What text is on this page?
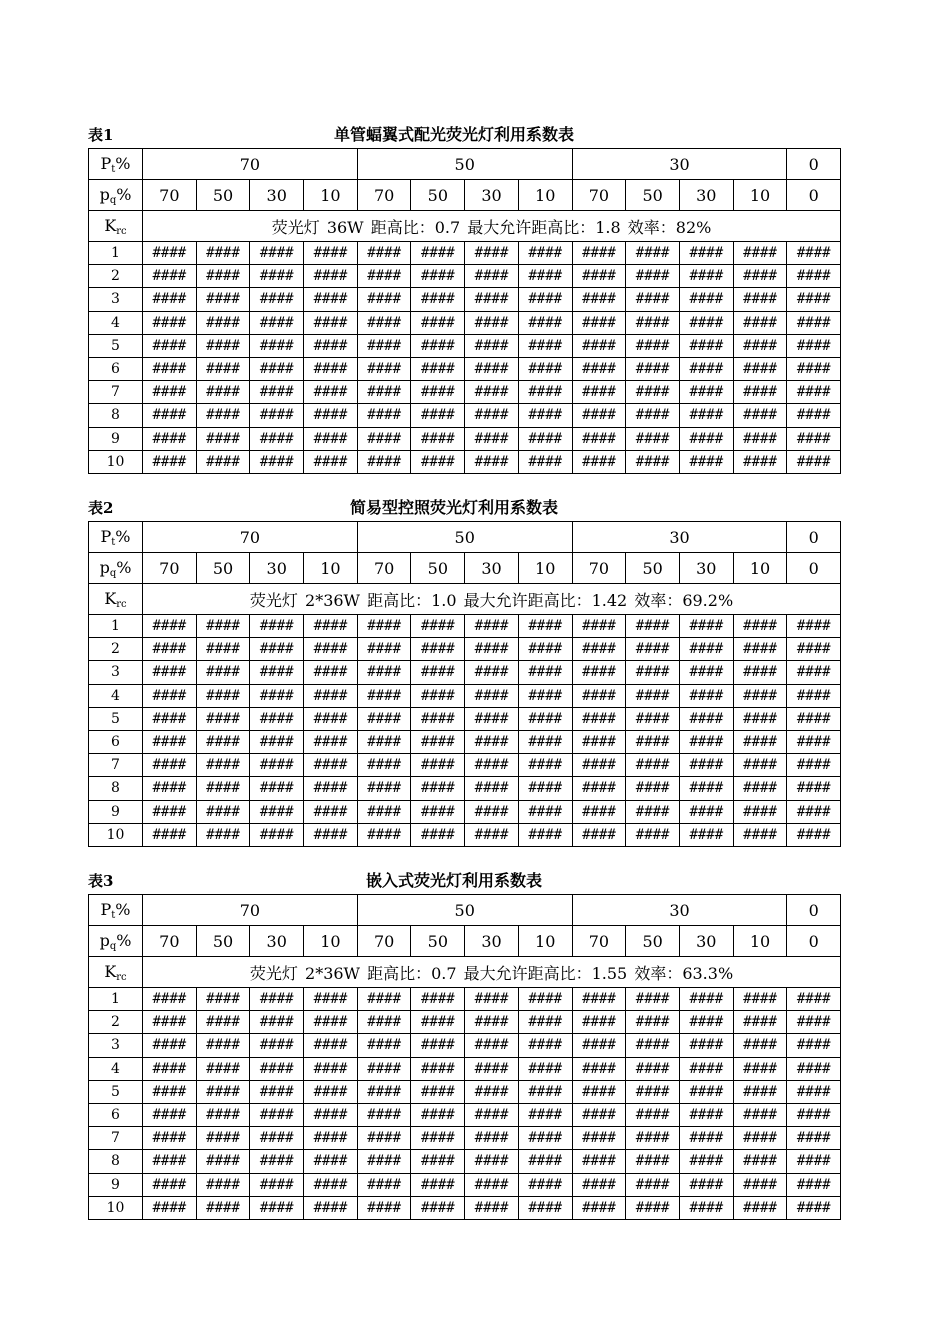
表1	单管蝠翼式配光荧光灯利用系数表
$P_t\%$	70				50				30				0
$p_q\%$	70	50	30	10	70	50	30	10	70	50	30	10	0
$K_{rc}$	荧光灯 36W 距高比：0.7 最大允许距高比：1.8 效率：82%												
1	####	####	####	####	####	####	####	####	####	####	####	####	####
2	####	####	####	####	####	####	####	####	####	####	####	####	####
3	####	####	####	####	####	####	####	####	####	####	####	####	####
4	####	####	####	####	####	####	####	####	####	####	####	####	####
5	####	####	####	####	####	####	####	####	####	####	####	####	####
6	####	####	####	####	####	####	####	####	####	####	####	####	####
7	####	####	####	####	####	####	####	####	####	####	####	####	####
8	####	####	####	####	####	####	####	####	####	####	####	####	####
9	####	####	####	####	####	####	####	####	####	####	####	####	####
10	####	####	####	####	####	####	####	####	####	####	####	####	####
表2	简易型控照荧光灯利用系数表
$P_t\%$	70				50				30				0
$p_q\%$	70	50	30	10	70	50	30	10	70	50	30	10	0
$K_{rc}$	荧光灯 2*36W 距高比：1.0 最大允许距高比：1.42 效率：69.2%												
1	####	####	####	####	####	####	####	####	####	####	####	####	####
2	####	####	####	####	####	####	####	####	####	####	####	####	####
3	####	####	####	####	####	####	####	####	####	####	####	####	####
4	####	####	####	####	####	####	####	####	####	####	####	####	####
5	####	####	####	####	####	####	####	####	####	####	####	####	####
6	####	####	####	####	####	####	####	####	####	####	####	####	####
7	####	####	####	####	####	####	####	####	####	####	####	####	####
8	####	####	####	####	####	####	####	####	####	####	####	####	####
9	####	####	####	####	####	####	####	####	####	####	####	####	####
10	####	####	####	####	####	####	####	####	####	####	####	####	####
表3	嵌入式荧光灯利用系数表
$P_t\%$	70				50				30				0
$p_q\%$	70	50	30	10	70	50	30	10	70	50	30	10	0
$K_{rc}$	荧光灯 2*36W 距高比：0.7 最大允许距高比：1.55 效率：63.3%												
1	####	####	####	####	####	####	####	####	####	####	####	####	####
2	####	####	####	####	####	####	####	####	####	####	####	####	####
3	####	####	####	####	####	####	####	####	####	####	####	####	####
4	####	####	####	####	####	####	####	####	####	####	####	####	####
5	####	####	####	####	####	####	####	####	####	####	####	####	####
6	####	####	####	####	####	####	####	####	####	####	####	####	####
7	####	####	####	####	####	####	####	####	####	####	####	####	####
8	####	####	####	####	####	####	####	####	####	####	####	####	####
9	####	####	####	####	####	####	####	####	####	####	####	####	####
10	####	####	####	####	####	####	####	####	####	####	####	####	####
